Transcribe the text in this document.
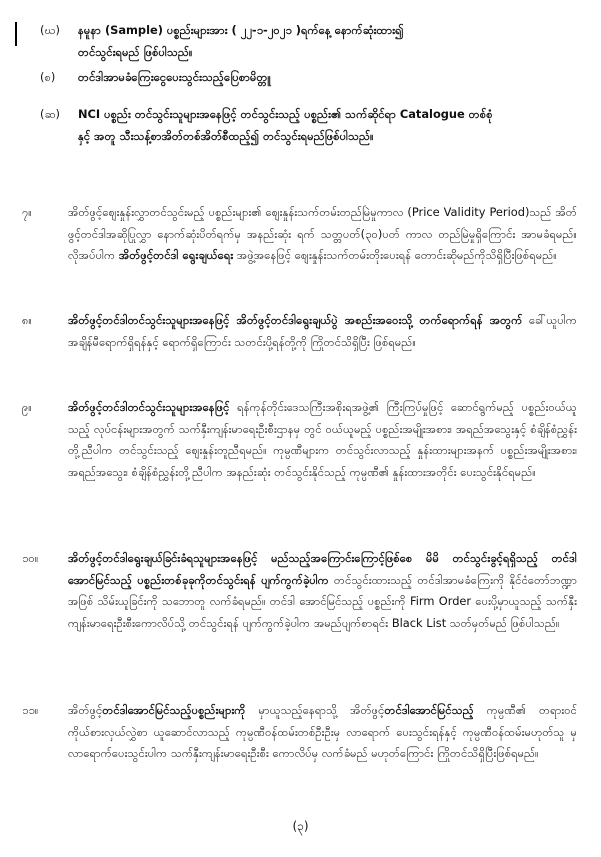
(ဃ)	နမူနာ (Sample) ပစ္စည်းများအား ( ၂၂-၁-၂၀၂၁ )ရက်နေ့ နောက်ဆုံးထား၍
တင်သွင်းရမည် ဖြစ်ပါသည်။
(စ)	တင်ဒါအာမခံကြေးငွေပေးသွင်းသည့်ပြေစာမိတ္တူ
(ဆ)	NCI ပစ္စည်း တင်သွင်းသူများအနေဖြင့် တင်သွင်းသည့် ပစ္စည်း၏ သက်ဆိုင်ရာ Catalogue တစ်စုံ
နှင့် အတူ သီးသန့်စာအိတ်တစ်အိတ်စီထည့်၍ တင်သွင်းရမည်ဖြစ်ပါသည်။
၇။	အိတ်ဖွင့်ဈေးနှုန်းလွှာတင်သွင်းမည့် ပစ္စည်းများ၏ ဈေးနှုန်းသက်တမ်းတည်မြဲမှုကာလ (Price Validity Period)သည် အိတ်ဖွင့်တင်ဒါအဆိုပြုလွှာ နောက်ဆုံးပိတ်ရက်မှ အနည်းဆုံး ရက် သတ္တပတ်(၃၀)ပတ် ကာလ တည်မြဲမှုရှိကြောင်း အာမခံရမည်။ လိုအပ်ပါက အိတ်ဖွင့်တင်ဒါ ရွေးချယ်ရေး အဖွဲ့အနေဖြင့် ဈေးနှုန်းသက်တမ်းတိုးပေးရန် တောင်းဆိုမည်ကိုသိရှိပြီးဖြစ်ရမည်။
၈။	အိတ်ဖွင့်တင်ဒါတင်သွင်းသူများအနေဖြင့် အိတ်ဖွင့်တင်ဒါရွေးချယ်ပွဲ အစည်းအဝေးသို့ တက်ရောက်ရန် အတွက် ခေါ်ယူပါက အချိန်မီရောက်ရှိရန်နှင့် ရောက်ရှိကြောင်း သတင်းပို့ရန်တို့ကို ကြိုတင်သိရှိပြီး ဖြစ်ရမည်။
၉။	အိတ်ဖွင့်တင်ဒါတင်သွင်းသူများအနေဖြင့် ရန်ကုန်တိုင်းဒေသကြီးအစိုးရအဖွဲ့၏ ကြီးကြပ်မှုဖြင့် ဆောင်ရွက်မည့် ပစ္စည်းဝယ်ယူသည့် လုပ်ငန်းများအတွက် သက်နှီးကျန်းမာရေးဦးစီးဌာနမှ တွင် ဝယ်ယူမည့် ပစ္စည်းအမျိုးအစား၊ အရည်အသွေးနှင့် စံချိန်စံညွှန်းတို့ညီပါက တင်သွင်းသည့် ဈေးနှုန်းတူညီရမည်။ ကုမ္ပဏီများက တင်သွင်းလာသည့် နှုန်းထားများအနက် ပစ္စည်းအမျိုးအစား၊ အရည်အသွေး၊ စံချိန်စံညွှန်းတို့ညီပါက အနည်းဆုံး တင်သွင်းနိုင်သည့် ကုမ္ပဏီ၏ နှုန်းထားအတိုင်း ပေးသွင်းနိုင်ရမည်။
၁၀။	အိတ်ဖွင့်တင်ဒါရွေးချယ်ခြင်းခံရသူများအနေဖြင့် မည်သည့်အကြောင်းကြောင့်ဖြစ်စေ မိမိ တင်သွင်းခွင့်ရရှိသည့် တင်ဒါအောင်မြင်သည့် ပစ္စည်းတစ်ခုခုကိုတင်သွင်းရန် ပျက်ကွက်ခဲ့ပါက တင်သွင်းထားသည့် တင်ဒါအာမခံကြေးကို နိုင်ငံတော်ဘဏ္ဍာအဖြစ် သိမ်းယူခြင်းကို သဘောတူ လက်ခံရမည်။ တင်ဒါ အောင်မြင်သည့် ပစ္စည်းကို Firm Order ပေးပို့မှာယူသည့် သက်နှီးကျန်းမာရေးဦးစီးကောလိပ်သို့ တင်သွင်းရန် ပျက်ကွက်ခဲ့ပါက အမည်ပျက်စာရင်း Black List သတ်မှတ်မည် ဖြစ်ပါသည်။
၁၁။	အိတ်ဖွင့်တင်ဒါအောင်မြင်သည့်ပစ္စည်းများကို မှာယူသည့်နေရာသို့ အိတ်ဖွင့်တင်ဒါအောင်မြင်သည့် ကုမ္ပဏီ၏ တရားဝင်ကိုယ်စားလှယ်လွှဲစာ ယူဆောင်လာသည့် ကုမ္ပဏီဝန်ထမ်းတစ်ဦးဦးမှ လာရောက် ပေးသွင်းရန်နှင့် ကုမ္ပဏီဝန်ထမ်းမဟုတ်သူ မှ လာရောက်ပေးသွင်းပါက သက်နှီးကျန်းမာရေးဦးစီး ကောလိပ်မှ လက်ခံမည် မဟုတ်ကြောင်း ကြိုတင်သိရှိပြီးဖြစ်ရမည်။
(၃)
